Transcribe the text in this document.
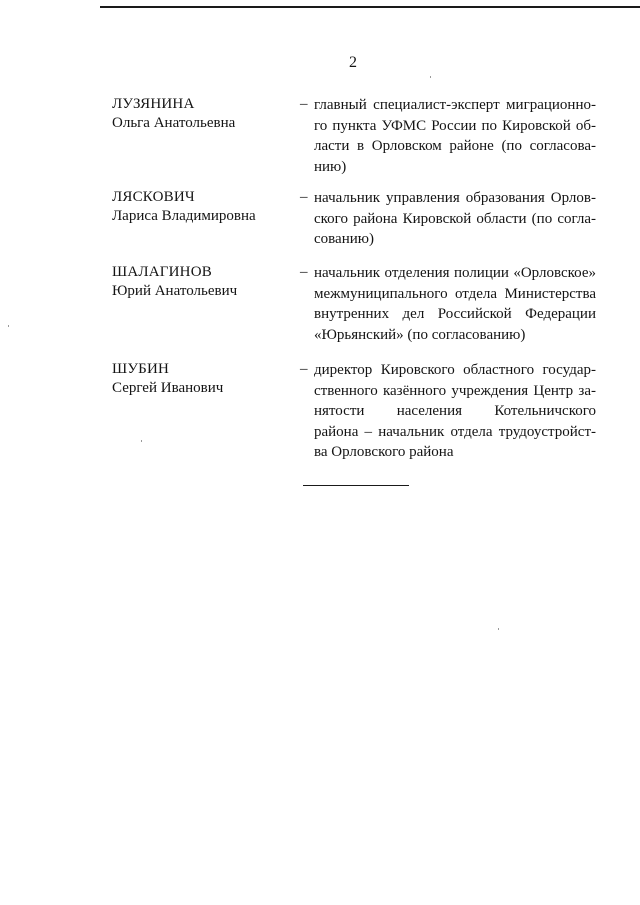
2
ЛУЗЯНИНА
Ольга Анатольевна
– главный специалист-эксперт миграционно-
го пункта УФМС России по Кировской об-
ласти в Орловском районе (по согласова-
нию)
ЛЯСКОВИЧ
Лариса Владимировна
– начальник управления образования Орлов-
ского района Кировской области (по согла-
сованию)
ШАЛАГИНОВ
Юрий Анатольевич
– начальник отделения полиции «Орловское»
межмуниципального отдела Министерства
внутренних дел Российской Федерации
«Юрьянский» (по согласованию)
ШУБИН
Сергей Иванович
– директор Кировского областного государ-
ственного казённого учреждения Центр за-
нятости населения Котельничского
района – начальник отдела трудоустройст-
ва Орловского района
